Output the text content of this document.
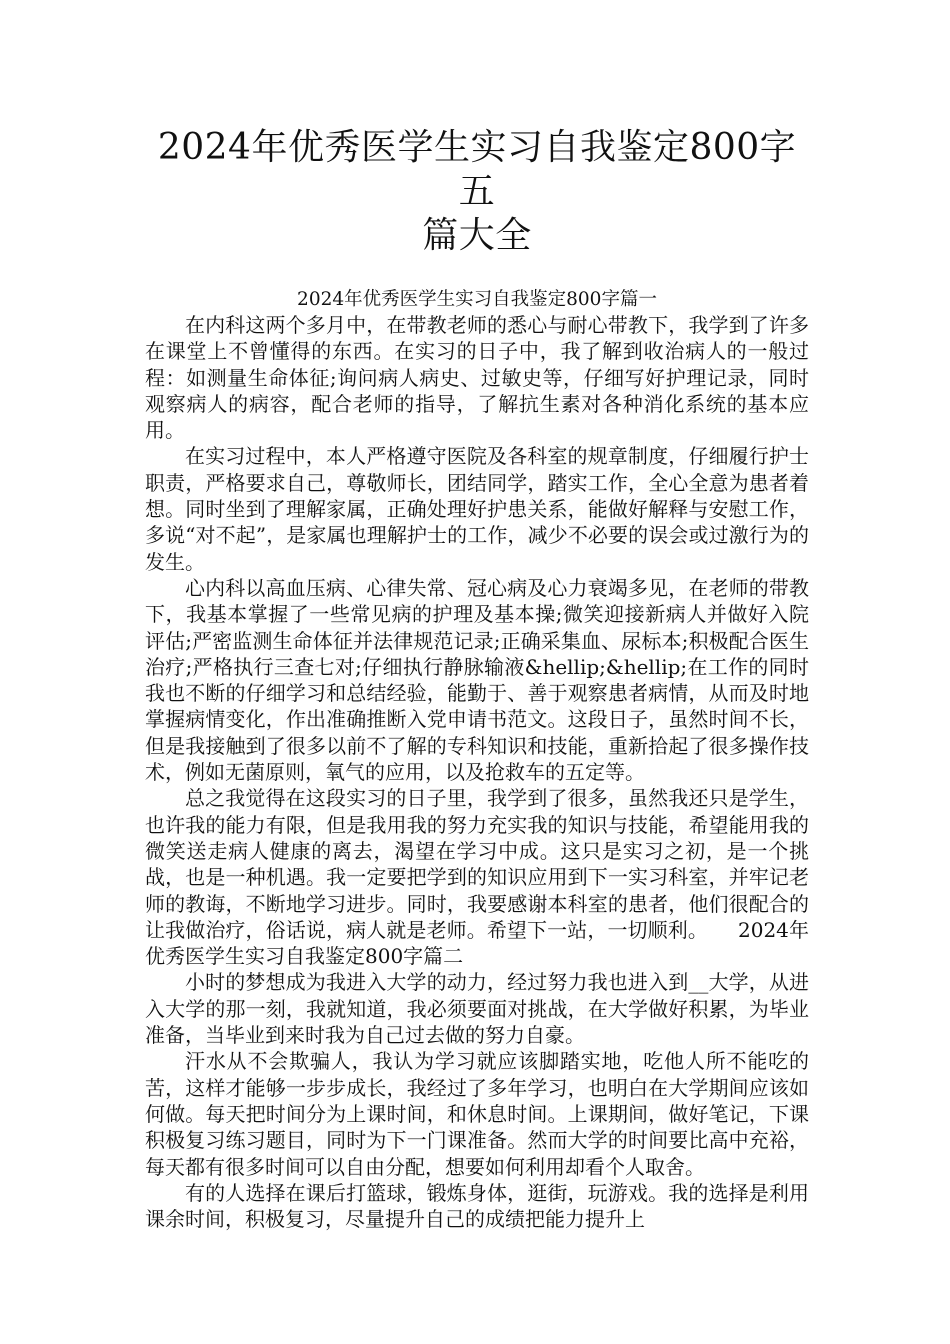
2024年优秀医学生实习自我鉴定800字五
篇大全
2024年优秀医学生实习自我鉴定800字篇一

在内科这两个多月中，在带教老师的悉心与耐心带教下，我学到了许多在课堂上不曾懂得的东西。在实习的日子中，我了解到收治病人的一般过程：如测量生命体征;询问病人病史、过敏史等，仔细写好护理记录，同时观察病人的病容，配合老师的指导，了解抗生素对各种消化系统的基本应用。

在实习过程中，本人严格遵守医院及各科室的规章制度，仔细履行护士职责，严格要求自己，尊敬师长，团结同学，踏实工作，全心全意为患者着想。同时坐到了理解家属，正确处理好护患关系，能做好解释与安慰工作，多说“对不起”，是家属也理解护士的工作，减少不必要的误会或过激行为的发生。

心内科以高血压病、心律失常、冠心病及心力衰竭多见，在老师的带教下，我基本掌握了一些常见病的护理及基本操;微笑迎接新病人并做好入院评估;严密监测生命体征并法律规范记录;正确采集血、尿标本;积极配合医生治疗;严格执行三查七对;仔细执行静脉输液&hellip;&hellip;在工作的同时我也不断的仔细学习和总结经验，能勤于、善于观察患者病情，从而及时地掌握病情变化，作出准确推断入党申请书范文。这段日子，虽然时间不长，但是我接触到了很多以前不了解的专科知识和技能，重新拾起了很多操作技术，例如无菌原则，氧气的应用，以及抢救车的五定等。

总之我觉得在这段实习的日子里，我学到了很多，虽然我还只是学生，也许我的能力有限，但是我用我的努力充实我的知识与技能，希望能用我的微笑送走病人健康的离去，渴望在学习中成。这只是实习之初，是一个挑战，也是一种机遇。我一定要把学到的知识应用到下一实习科室，并牢记老师的教诲，不断地学习进步。同时，我要感谢本科室的患者，他们很配合的让我做治疗，俗话说，病人就是老师。希望下一站，一切顺利。 2024年优秀医学生实习自我鉴定800字篇二

小时的梦想成为我进入大学的动力，经过努力我也进入到__大学，从进入大学的那一刻，我就知道，我必须要面对挑战，在大学做好积累，为毕业准备，当毕业到来时我为自己过去做的努力自豪。

汗水从不会欺骗人，我认为学习就应该脚踏实地，吃他人所不能吃的苦，这样才能够一步步成长，我经过了多年学习，也明白在大学期间应该如何做。每天把时间分为上课时间，和休息时间。上课期间，做好笔记，下课积极复习练习题目，同时为下一门课准备。然而大学的时间要比高中充裕，每天都有很多时间可以自由分配，想要如何利用却看个人取舍。

有的人选择在课后打篮球，锻炼身体，逛街，玩游戏。我的选择是利用课余时间，积极复习，尽量提升自己的成绩把能力提升上
